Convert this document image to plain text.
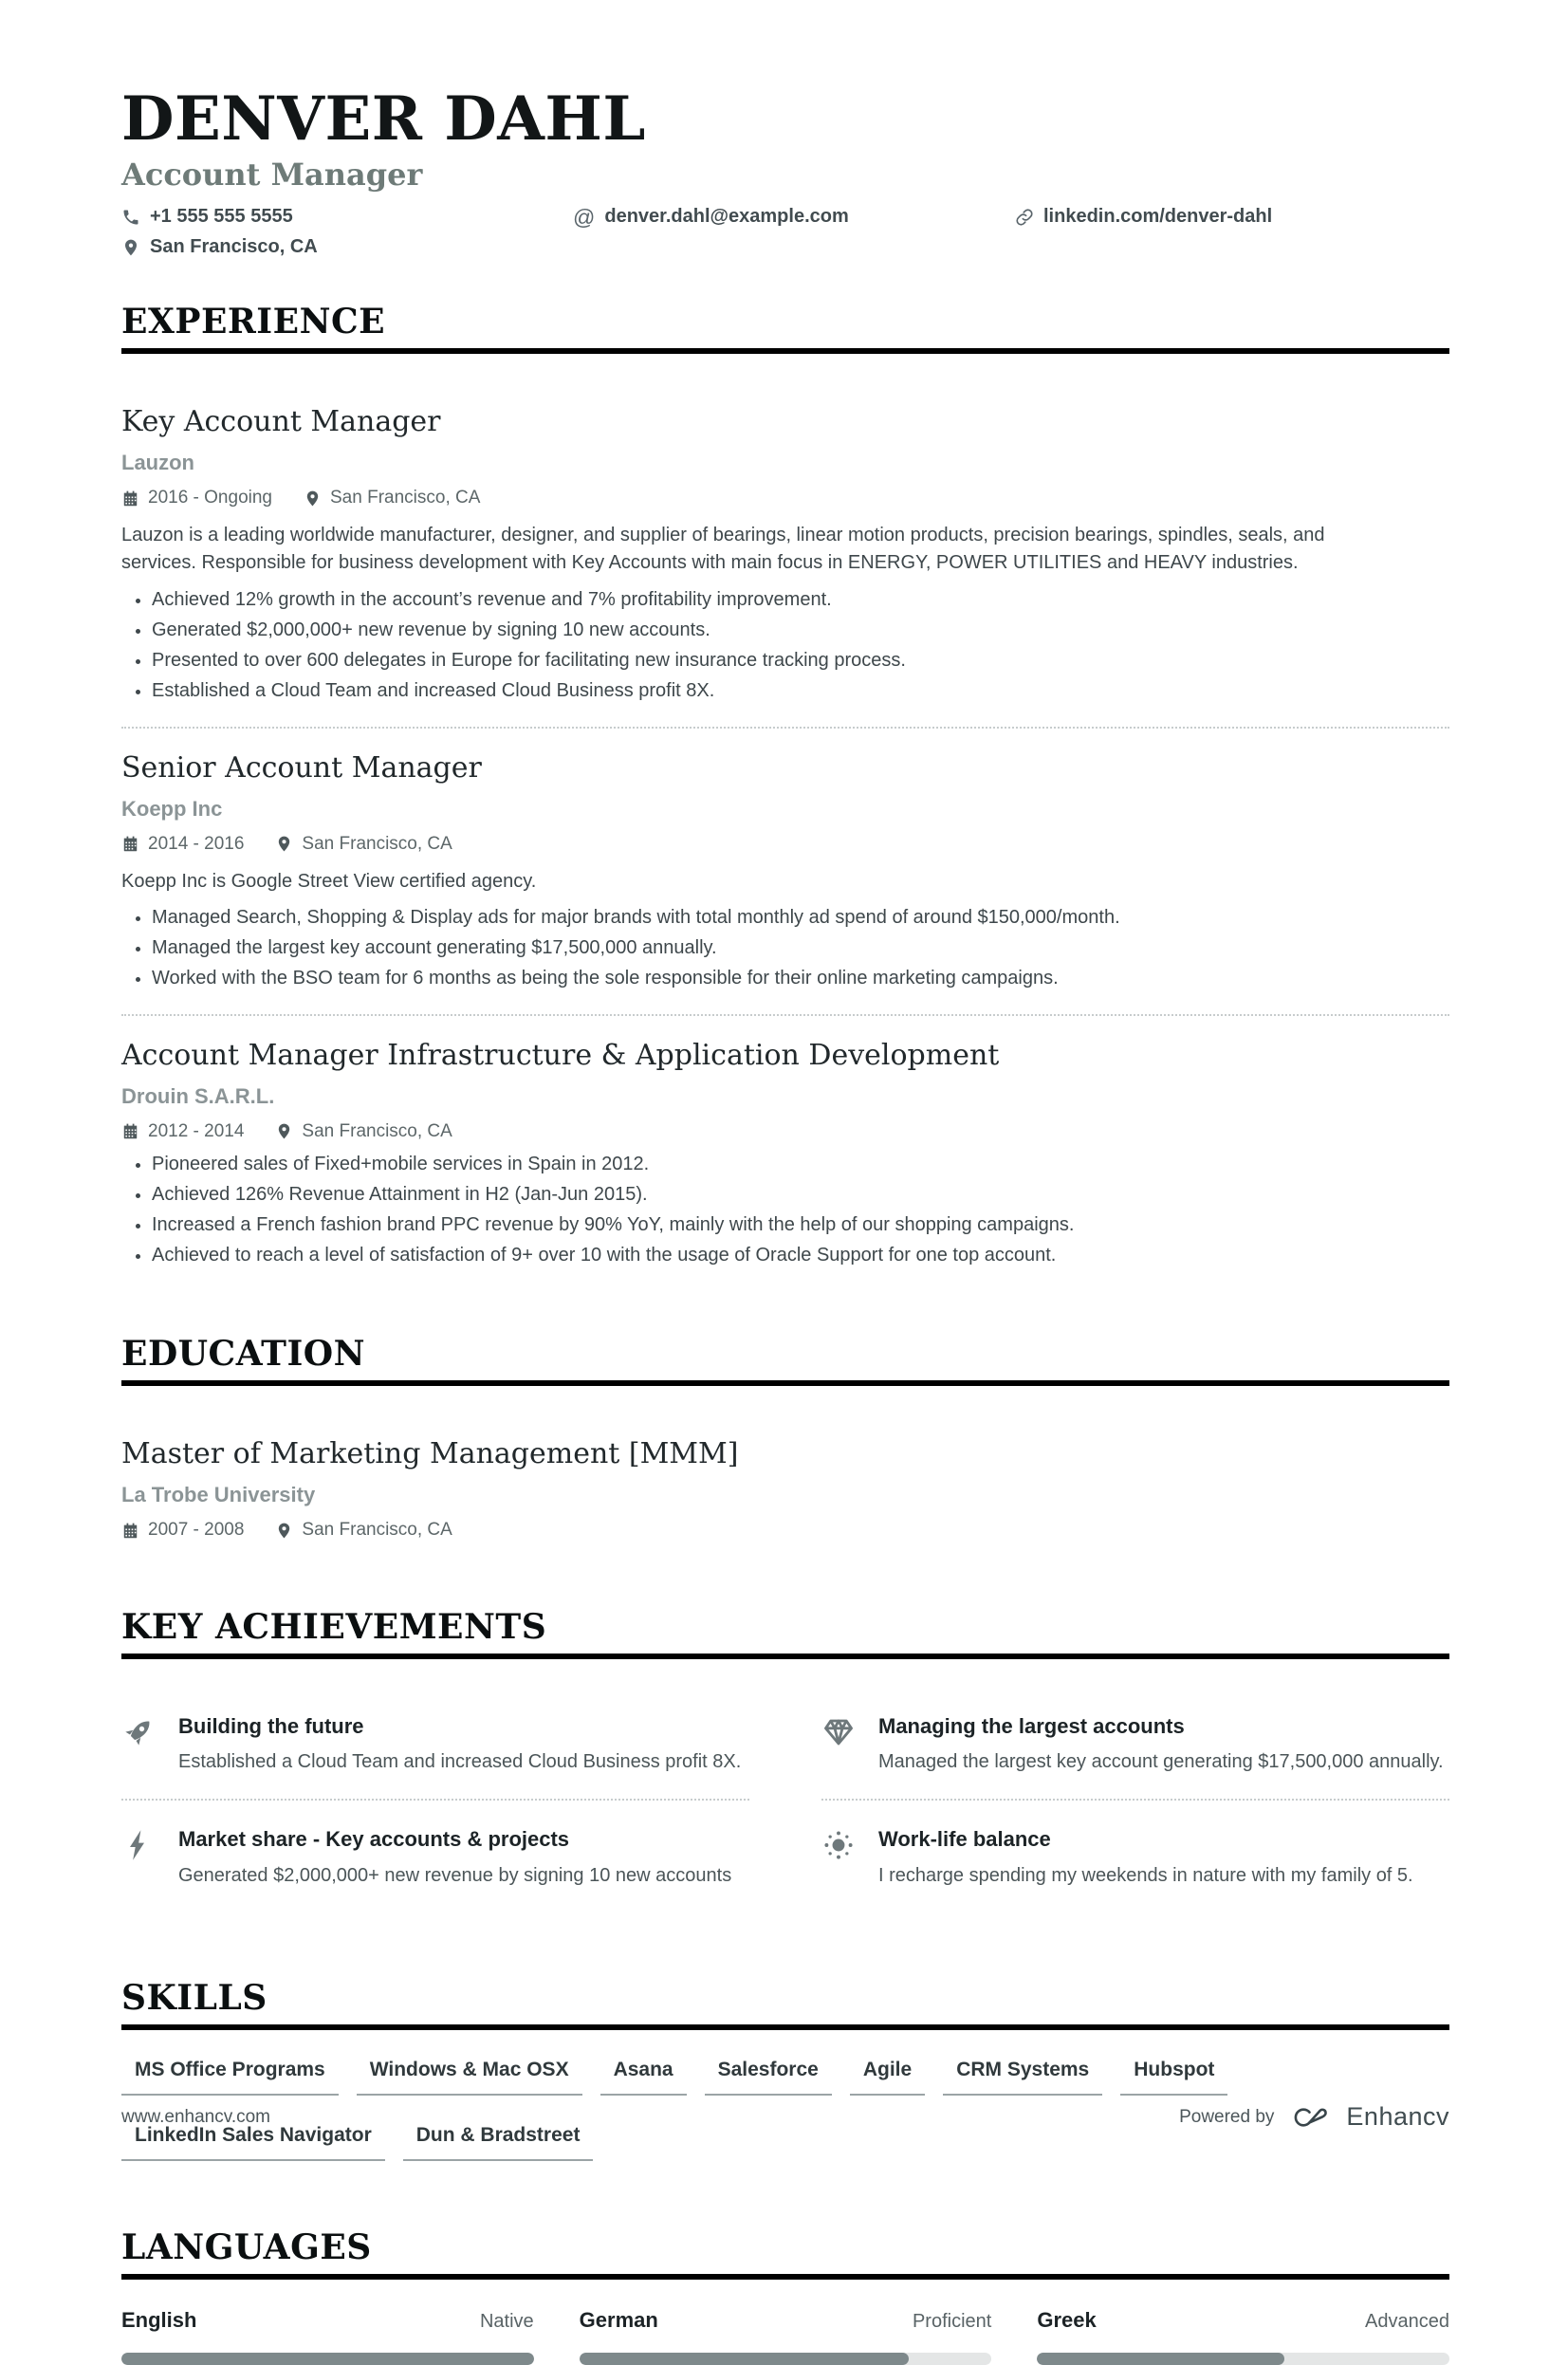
DENVER DAHL
Account Manager
+1 555 555 5555	@ denver.dahl@example.com	linkedin.com/denver-dahl
San Francisco, CA
EXPERIENCE
Key Account Manager
Lauzon
2016 - Ongoing	San Francisco, CA

Lauzon is a leading worldwide manufacturer, designer, and supplier of bearings, linear motion products, precision bearings, spindles, seals, and services. Responsible for business development with Key Accounts with main focus in ENERGY, POWER UTILITIES and HEAVY industries.

• Achieved 12% growth in the account’s revenue and 7% profitability improvement.
• Generated $2,000,000+ new revenue by signing 10 new accounts.
• Presented to over 600 delegates in Europe for facilitating new insurance tracking process.
• Established a Cloud Team and increased Cloud Business profit 8X.
Senior Account Manager
Koepp Inc
2014 - 2016	San Francisco, CA

Koepp Inc is Google Street View certified agency.

• Managed Search, Shopping & Display ads for major brands with total monthly ad spend of around $150,000/month.
• Managed the largest key account generating $17,500,000 annually.
• Worked with the BSO team for 6 months as being the sole responsible for their online marketing campaigns.
Account Manager Infrastructure & Application Development
Drouin S.A.R.L.
2012 - 2014	San Francisco, CA
• Pioneered sales of Fixed+mobile services in Spain in 2012.
• Achieved 126% Revenue Attainment in H2 (Jan-Jun 2015).
• Increased a French fashion brand PPC revenue by 90% YoY, mainly with the help of our shopping campaigns.
• Achieved to reach a level of satisfaction of 9+ over 10 with the usage of Oracle Support for one top account.
EDUCATION
Master of Marketing Management [MMM]
La Trobe University
2007 - 2008	San Francisco, CA
KEY ACHIEVEMENTS
Building the future
Established a Cloud Team and increased Cloud Business profit 8X.
Managing the largest accounts
Managed the largest key account generating $17,500,000 annually.
Market share - Key accounts & projects
Generated $2,000,000+ new revenue by signing 10 new accounts
Work-life balance
I recharge spending my weekends in nature with my family of 5.
SKILLS
MS Office Programs	Windows & Mac OSX	Asana	Salesforce	Agile	CRM Systems	Hubspot
LinkedIn Sales Navigator	Dun & Bradstreet
LANGUAGES
English	Native German	Proficient Greek	Advanced
www.enhancv.com	Powered by	Enhancv
